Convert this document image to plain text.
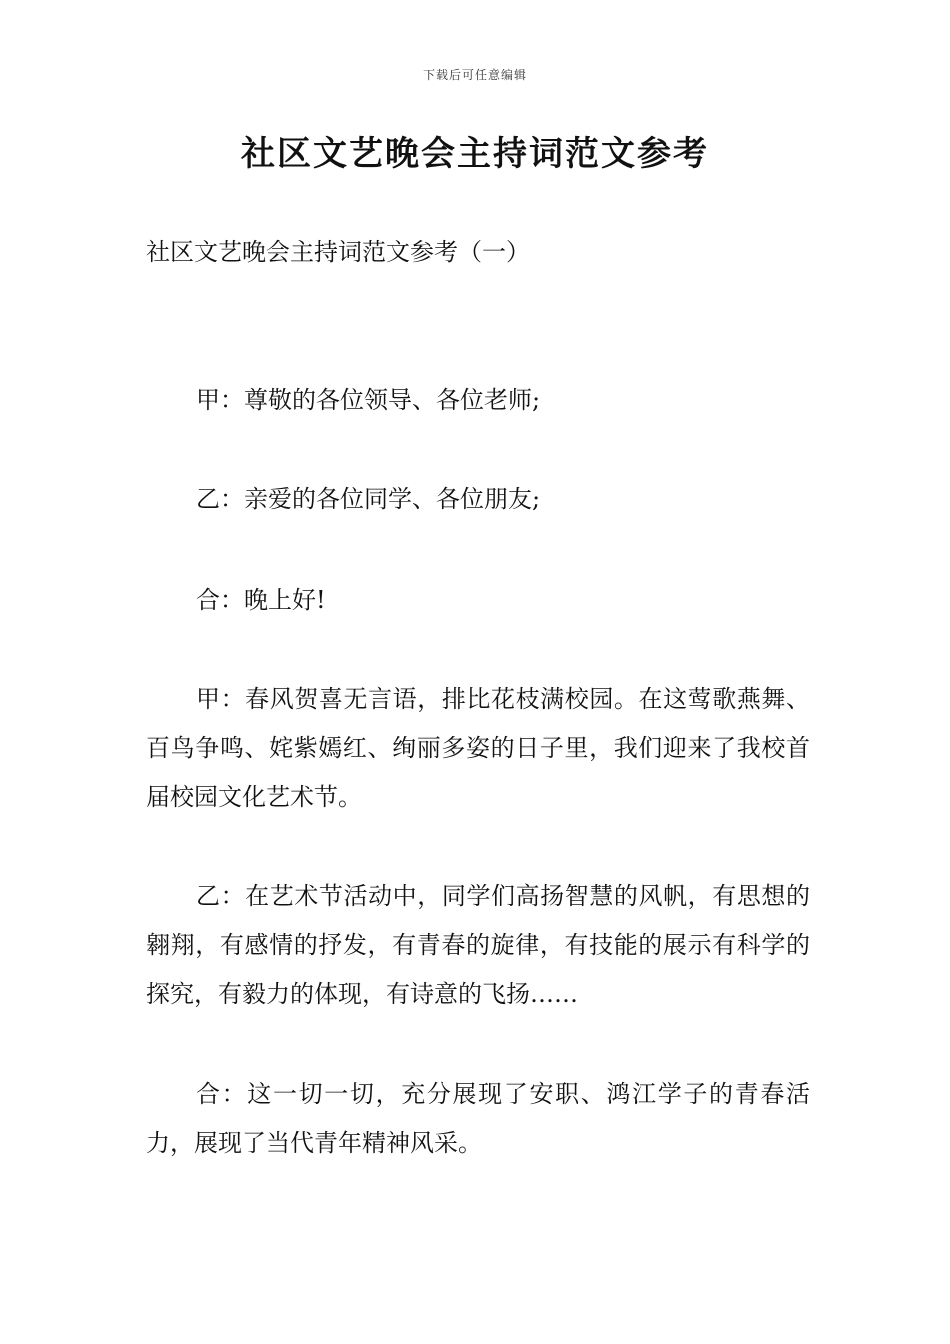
下载后可任意编辑
社区文艺晚会主持词范文参考
社区文艺晚会主持词范文参考（一）

甲：尊敬的各位领导、各位老师;

乙：亲爱的各位同学、各位朋友;

合：晚上好!

甲：春风贺喜无言语，排比花枝满校园。在这莺歌燕舞、百鸟争鸣、姹紫嫣红、绚丽多姿的日子里，我们迎来了我校首届校园文化艺术节。

乙：在艺术节活动中，同学们高扬智慧的风帆，有思想的翱翔，有感情的抒发，有青春的旋律，有技能的展示有科学的探究，有毅力的体现，有诗意的飞扬……

合：这一切一切，充分展现了安职、鸿江学子的青春活力，展现了当代青年精神风采。
